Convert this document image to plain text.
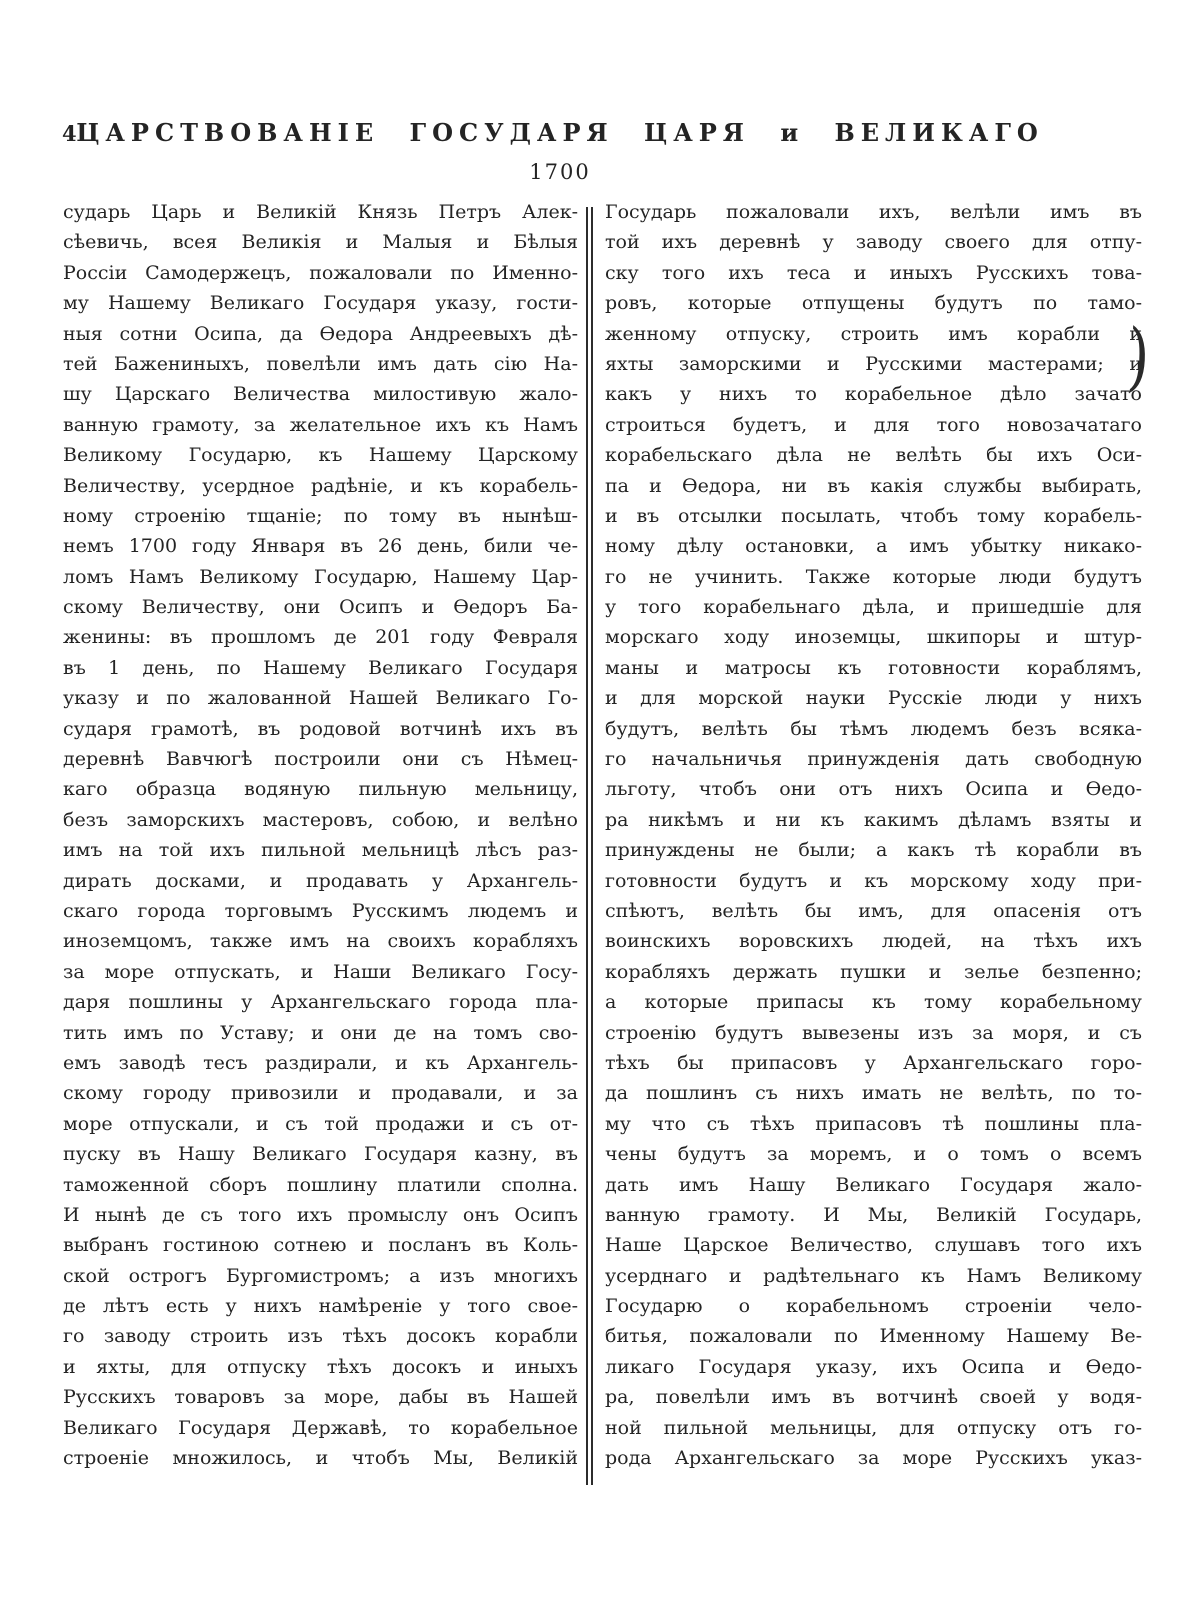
4 ЦАРСТВОВАНІЕ ГОСУДАРЯ ЦАРЯ и ВЕЛИКАГО
1700
сударь Царь и Великій Князь Петръ Алек-
сѣевичь, всея Великія и Малыя и Бѣлыя
Россіи Самодержецъ, пожаловали по Именно-
му Нашему Великаго Государя указу, гости-
ныя сотни Осипа, да Ѳедора Андреевыхъ дѣ-
тей Бажениныхъ, повелѣли имъ дать сію На-
шу Царскаго Величества милостивую жало-
ванную грамоту, за желательное ихъ къ Намъ
Великому Государю, къ Нашему Царскому
Величеству, усердное радѣніе, и къ корабель-
ному строенію тщаніе; по тому въ нынѣш-
немъ 1700 году Января въ 26 день, били че-
ломъ Намъ Великому Государю, Нашему Цар-
скому Величеству, они Осипъ и Ѳедоръ Ба-
женины: въ прошломъ де 201 году Февраля
въ 1 день, по Нашему Великаго Государя
указу и по жалованной Нашей Великаго Го-
сударя грамотѣ, въ родовой вотчинѣ ихъ въ
деревнѣ Вавчюгѣ построили они съ Нѣмец-
каго образца водяную пильную мельницу,
безъ заморскихъ мастеровъ, собою, и велѣно
имъ на той ихъ пильной мельницѣ лѣсъ раз-
дирать досками, и продавать у Архангель-
скаго города торговымъ Русскимъ людемъ и
иноземцомъ, также имъ на своихъ корабляхъ
за море отпускать, и Наши Великаго Госу-
даря пошлины у Архангельскаго города пла-
тить имъ по Уставу; и они де на томъ сво-
емъ заводѣ тесъ раздирали, и къ Архангель-
скому городу привозили и продавали, и за
море отпускали, и съ той продажи и съ от-
пуску въ Нашу Великаго Государя казну, въ
таможенной сборъ пошлину платили сполна.
И нынѣ де съ того ихъ промыслу онъ Осипъ
выбранъ гостиною сотнею и посланъ въ Коль-
ской острогъ Бургомистромъ; а изъ многихъ
де лѣтъ есть у нихъ намѣреніе у того свое-
го заводу строить изъ тѣхъ досокъ корабли
и яхты, для отпуску тѣхъ досокъ и иныхъ
Русскихъ товаровъ за море, дабы въ Нашей
Великаго Государя Державѣ, то корабельное
строеніе множилось, и чтобъ Мы, Великій
Государь пожаловали ихъ, велѣли имъ въ
той ихъ деревнѣ у заводу своего для отпу-
ску того ихъ теса и иныхъ Русскихъ това-
ровъ, которые отпущены будутъ по тамо-
женному отпуску, строить имъ корабли и
яхты заморскими и Русскими мастерами; и
какъ у нихъ то корабельное дѣло зачато
строиться будетъ, и для того новозачатаго
корабельскаго дѣла не велѣть бы ихъ Оси-
па и Ѳедора, ни въ какія службы выбирать,
и въ отсылки посылать, чтобъ тому корабель-
ному дѣлу остановки, а имъ убытку никако-
го не учинить. Также которые люди будутъ
у того корабельнаго дѣла, и пришедшіе для
морскаго ходу иноземцы, шкипоры и штур-
маны и матросы къ готовности кораблямъ,
и для морской науки Русскіе люди у нихъ
будутъ, велѣть бы тѣмъ людемъ безъ всяка-
го начальничья принужденія дать свободную
льготу, чтобъ они отъ нихъ Осипа и Ѳедо-
ра никѣмъ и ни къ какимъ дѣламъ взяты и
принуждены не были; а какъ тѣ корабли въ
готовности будутъ и къ морскому ходу при-
спѣютъ, велѣть бы имъ, для опасенія отъ
воинскихъ воровскихъ людей, на тѣхъ ихъ
корабляхъ держать пушки и зелье безпенно;
а которые припасы къ тому корабельному
строенію будутъ вывезены изъ за моря, и съ
тѣхъ бы припасовъ у Архангельскаго горо-
да пошлинъ съ нихъ имать не велѣть, по то-
му что съ тѣхъ припасовъ тѣ пошлины пла-
чены будутъ за моремъ, и о томъ о всемъ
дать имъ Нашу Великаго Государя жало-
ванную грамоту. И Мы, Великій Государь,
Наше Царское Величество, слушавъ того ихъ
усерднаго и радѣтельнаго къ Намъ Великому
Государю о корабельномъ строеніи чело-
битья, пожаловали по Именному Нашему Ве-
ликаго Государя указу, ихъ Осипа и Ѳедо-
ра, повелѣли имъ въ вотчинѣ своей у водя-
ной пильной мельницы, для отпуску отъ го-
рода Архангельскаго за море Русскихъ указ-
)
